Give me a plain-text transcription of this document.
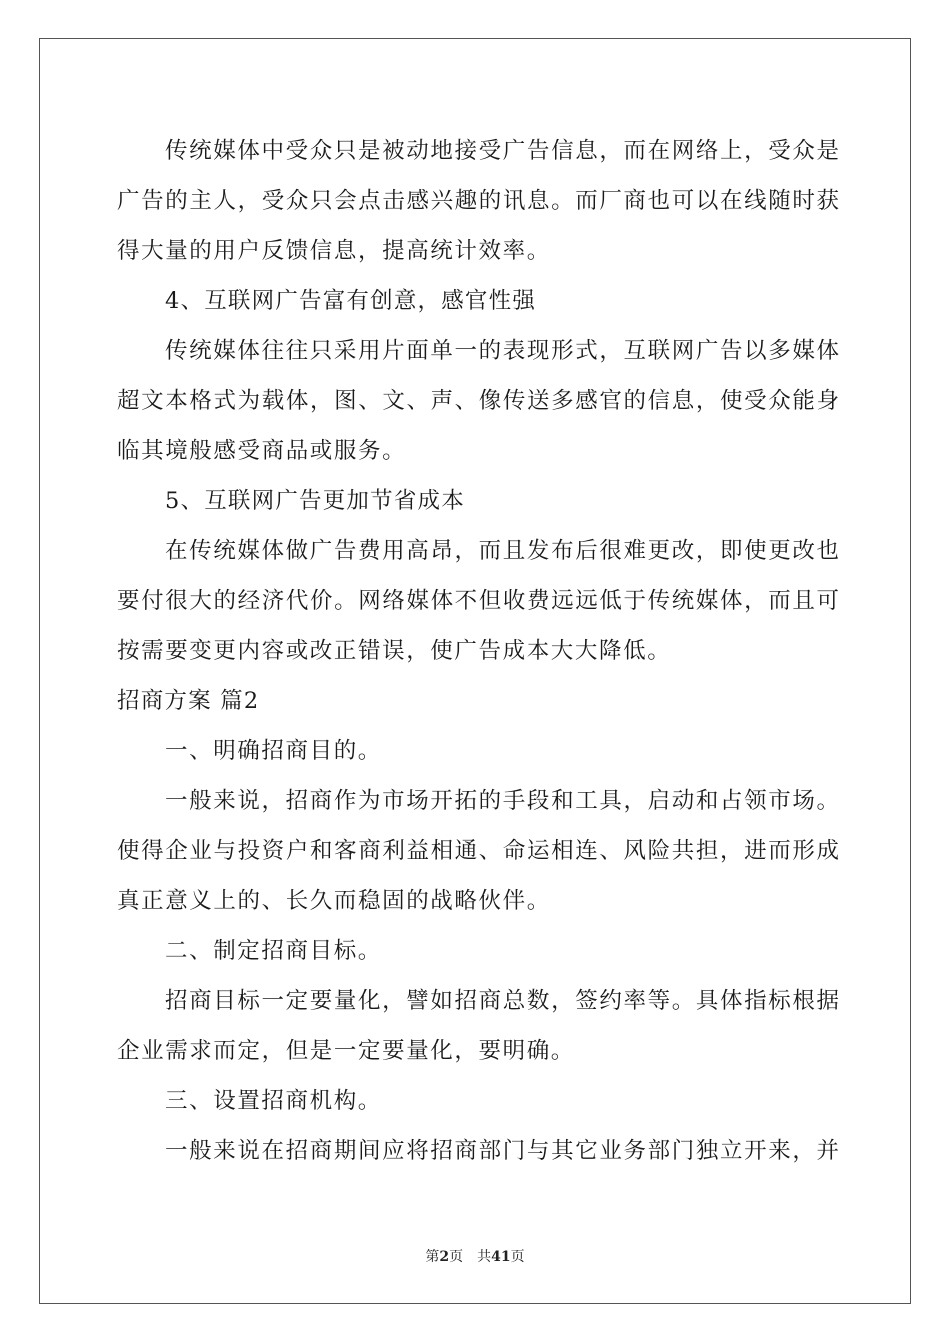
传统媒体中受众只是被动地接受广告信息，而在网络上，受众是
广告的主人，受众只会点击感兴趣的讯息。而厂商也可以在线随时获
得大量的用户反馈信息，提高统计效率。
4、互联网广告富有创意，感官性强
传统媒体往往只采用片面单一的表现形式，互联网广告以多媒体
超文本格式为载体，图、文、声、像传送多感官的信息，使受众能身
临其境般感受商品或服务。
5、互联网广告更加节省成本
在传统媒体做广告费用高昂，而且发布后很难更改，即使更改也
要付很大的经济代价。网络媒体不但收费远远低于传统媒体，而且可
按需要变更内容或改正错误，使广告成本大大降低。
招商方案 篇2
一、明确招商目的。
一般来说，招商作为市场开拓的手段和工具，启动和占领市场。
使得企业与投资户和客商利益相通、命运相连、风险共担，进而形成
真正意义上的、长久而稳固的战略伙伴。
二、制定招商目标。
招商目标一定要量化，譬如招商总数，签约率等。具体指标根据
企业需求而定，但是一定要量化，要明确。
三、设置招商机构。
一般来说在招商期间应将招商部门与其它业务部门独立开来，并
第2页 共41页
